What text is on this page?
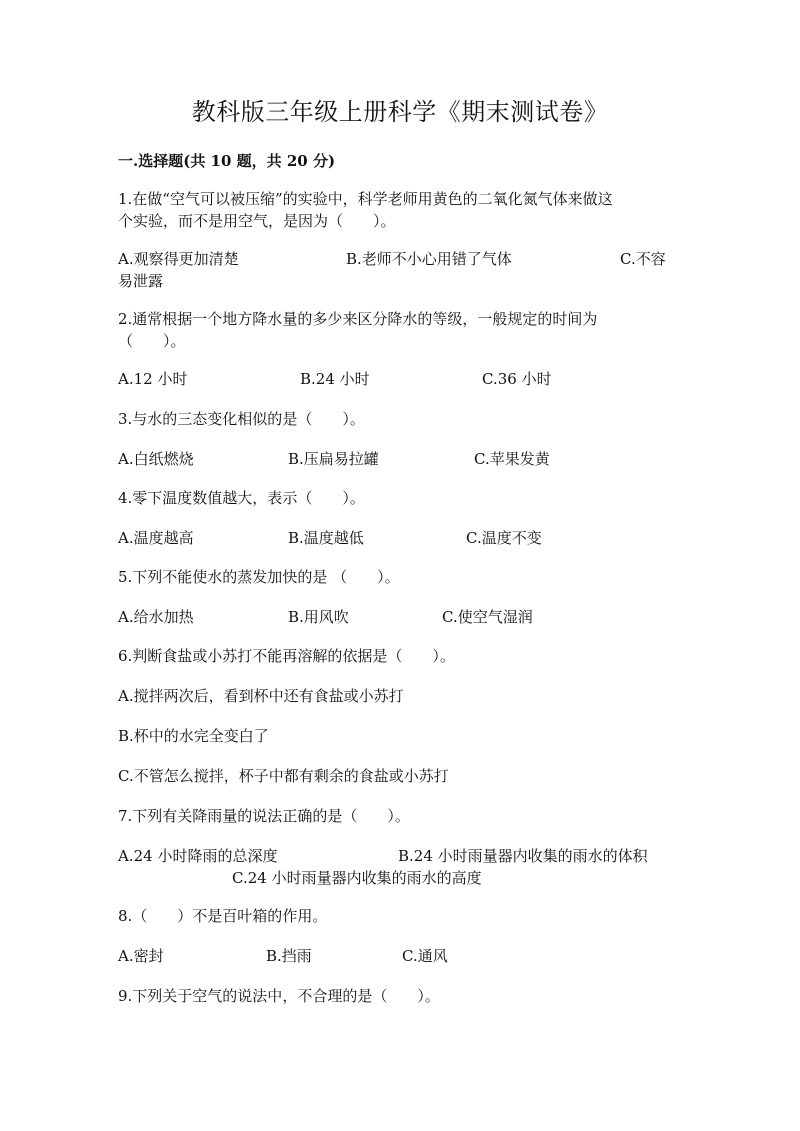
教科版三年级上册科学《期末测试卷》
一.选择题(共 10 题，共 20 分)
1.在做“空气可以被压缩”的实验中，科学老师用黄色的二氧化氮气体来做这
个实验，而不是用空气，是因为（　　）。
A.观察得更加清楚	B.老师不小心用错了气体	C.不容
易泄露
2.通常根据一个地方降水量的多少来区分降水的等级，一般规定的时间为
（　　）。
A.12 小时	B.24 小时	C.36 小时
3.与水的三态变化相似的是（　　）。
A.白纸燃烧	B.压扁易拉罐	C.苹果发黄
4.零下温度数值越大，表示（　　）。
A.温度越高	B.温度越低	C.温度不变
5.下列不能使水的蒸发加快的是 （　　）。
A.给水加热	B.用风吹	C.使空气湿润
6.判断食盐或小苏打不能再溶解的依据是（　　）。
A.搅拌两次后，看到杯中还有食盐或小苏打
B.杯中的水完全变白了
C.不管怎么搅拌，杯子中都有剩余的食盐或小苏打
7.下列有关降雨量的说法正确的是（　　）。
A.24 小时降雨的总深度	B.24 小时雨量器内收集的雨水的体积
C.24 小时雨量器内收集的雨水的高度
8.（　　）不是百叶箱的作用。
A.密封	B.挡雨	C.通风
9.下列关于空气的说法中，不合理的是（　　）。
